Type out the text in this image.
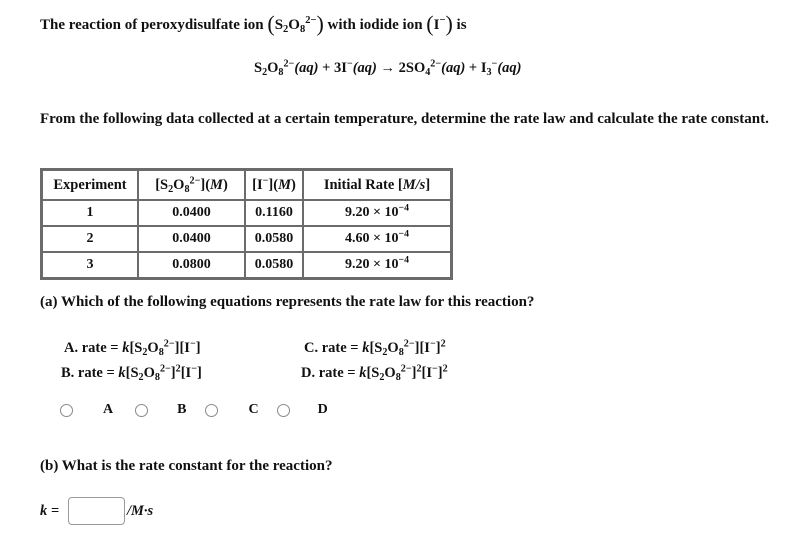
The reaction of peroxydisulfate ion $(S_2O_8^{2-})$ with iodide ion (I−) is
$S_2O_8^{2-}(aq) + 3I^-(aq) \to 2SO_4^{2-}(aq) + I_3^-(aq)$
From the following data collected at a certain temperature, determine the rate law and calculate the rate constant.
Experiment	$[S_2O_8^{2-}](M)$	[I−](M)	Initial Rate [M/s]
1	0.0400	0.1160	$9.20 \times 10^{-4}$
2	0.0400	0.0580	$4.60 \times 10^{-4}$
3	0.0800	0.0580	$9.20 \times 10^{-4}$
(a) Which of the following equations represents the rate law for this reaction?
A. rate = $k[S_2O_8^{2-}][I^-]$
B. rate = $k[S_2O_8^{2-}]^2[I^-]$
C. rate = $k[S_2O_8^{2-}][I^-]^2$
D. rate = $k[S_2O_8^{2-}]^2[I^-]^2$
A	B	C	D
(b) What is the rate constant for the reaction?
k =	/M·s
